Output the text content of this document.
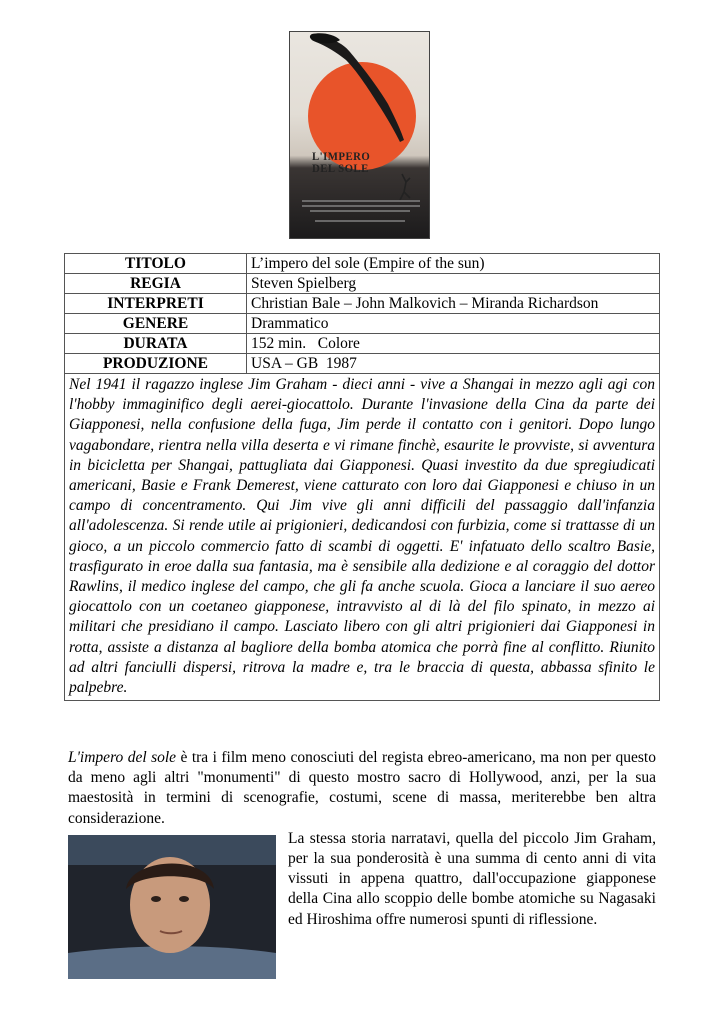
L'IMPERO
DEL SOLE
TITOLO	L’impero del sole (Empire of the sun)
REGIA	Steven Spielberg
INTERPRETI	Christian Bale – John Malkovich – Miranda Richardson
GENERE	Drammatico
DURATA	152 min.   Colore
PRODUZIONE	USA – GB  1987
Nel 1941 il ragazzo inglese Jim Graham - dieci anni - vive a Shangai in mezzo agli agi con l'hobby immaginifico degli aerei-giocattolo. Durante l'invasione della Cina da parte dei Giapponesi, nella confusione della fuga, Jim perde il contatto con i genitori. Dopo lungo vagabondare, rientra nella villa deserta e vi rimane finchè, esaurite le provviste, si avventura in bicicletta per Shangai, pattugliata dai Giapponesi. Quasi investito da due spregiudicati americani, Basie e Frank Demerest, viene catturato con loro dai Giapponesi e chiuso in un campo di concentramento. Qui Jim vive gli anni difficili del passaggio dall'infanzia all'adolescenza. Si rende utile ai prigionieri, dedicandosi con furbizia, come si trattasse di un gioco, a un piccolo commercio fatto di scambi di oggetti. E' infatuato dello scaltro Basie, trasfigurato in eroe dalla sua fantasia, ma è sensibile alla dedizione e al coraggio del dottor Rawlins, il medico inglese del campo, che gli fa anche scuola. Gioca a lanciare il suo aereo giocattolo con un coetaneo giapponese, intravvisto al di là del filo spinato, in mezzo ai militari che presidiano il campo. Lasciato libero con gli altri prigionieri dai Giapponesi in rotta, assiste a distanza al bagliore della bomba atomica che porrà fine al conflitto. Riunito ad altri fanciulli dispersi, ritrova la madre e, tra le braccia di questa, abbassa sfinito le palpebre.	

L'impero del sole è tra i film meno conosciuti del regista ebreo-americano, ma non per questo da meno agli altri "monumenti" di questo mostro sacro di Hollywood, anzi, per la sua maestosità in termini di scenografie, costumi, scene di massa, meriterebbe ben altra considerazione.

La stessa storia narratavi, quella del piccolo Jim Graham, per la sua ponderosità è una summa di cento anni di vita vissuti in appena quattro, dall'occupazione giapponese della Cina allo scoppio delle bombe atomiche su Nagasaki ed Hiroshima offre numerosi spunti di riflessione.
